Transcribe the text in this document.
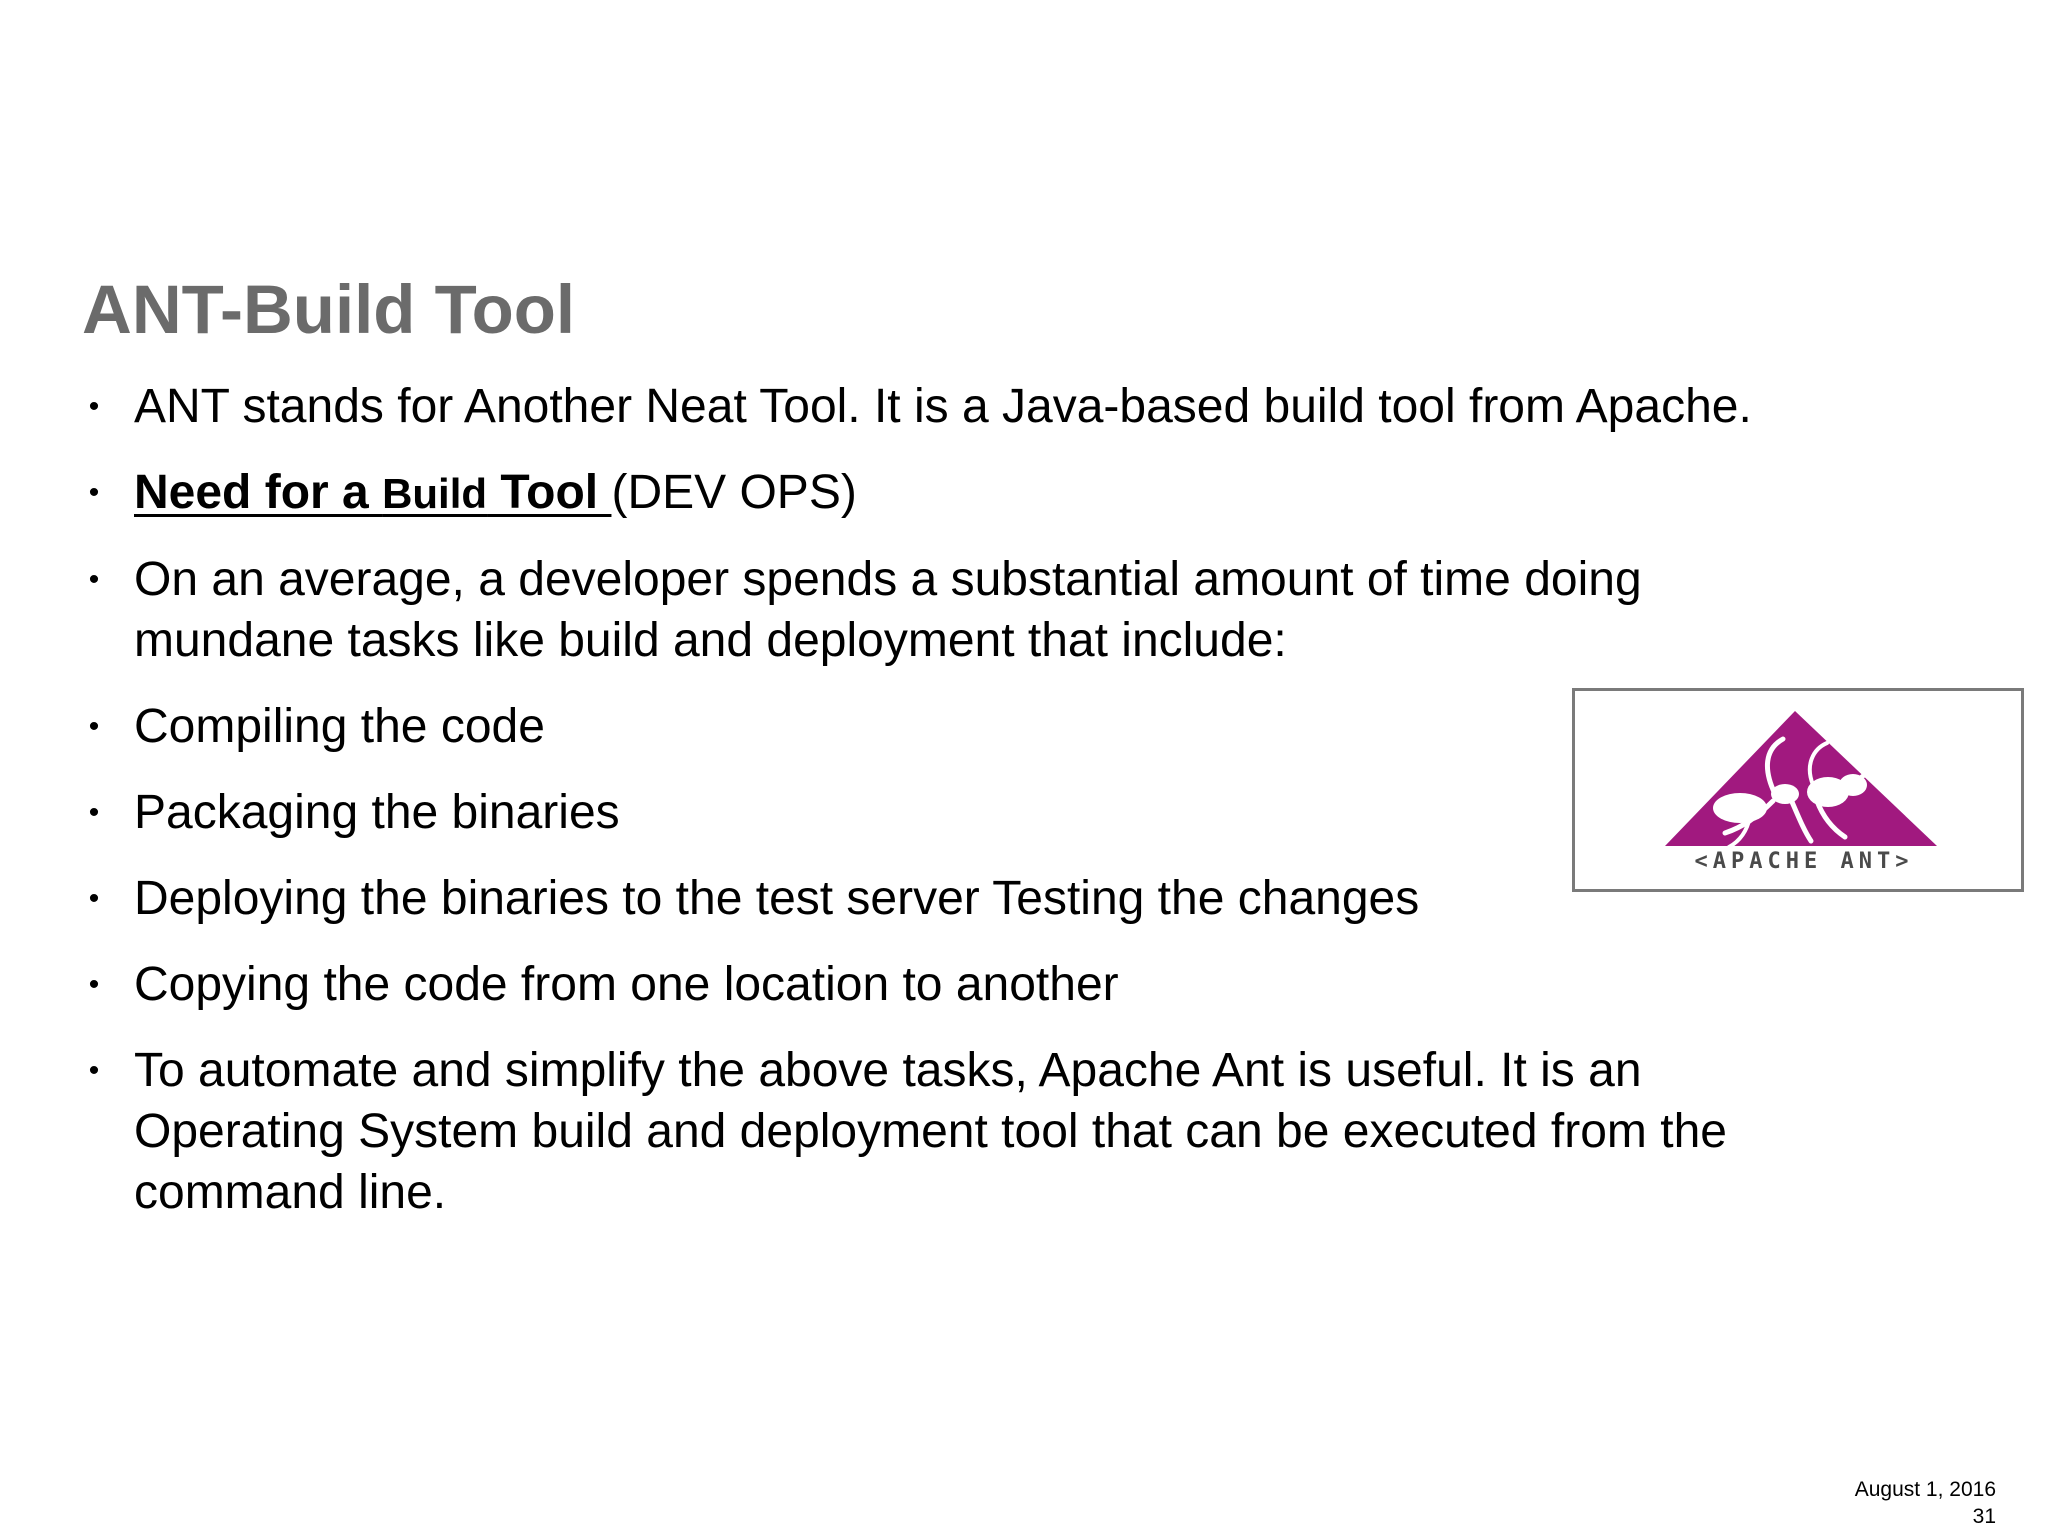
ANT-Build Tool
• ANT stands for Another Neat Tool. It is a Java-based build tool from Apache.
• Need for a Build Tool (DEV OPS)
• On an average, a developer spends a substantial amount of time doing mundane tasks like build and deployment that include:
• Compiling the code
• Packaging the binaries
• Deploying the binaries to the test server Testing the changes
• Copying the code from one location to another
• To automate and simplify the above tasks, Apache Ant is useful. It is an Operating System build and deployment tool that can be executed from the command line.
<APACHE ANT>
August 1, 2016
31
